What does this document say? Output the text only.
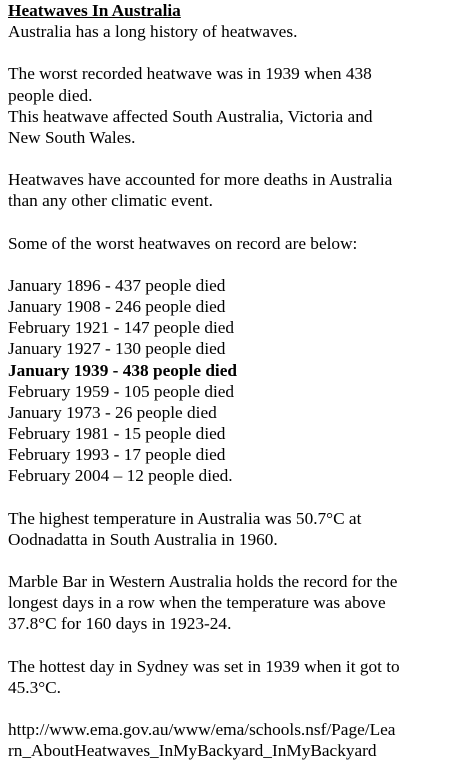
Heatwaves In Australia

Australia has a long history of heatwaves.

The worst recorded heatwave was in 1939 when 438

people died.

This heatwave affected South Australia, Victoria and

New South Wales.

Heatwaves have accounted for more deaths in Australia

than any other climatic event.

Some of the worst heatwaves on record are below:

January 1896 - 437 people died

January 1908 - 246 people died

February 1921 - 147 people died

January 1927 - 130 people died

January 1939 - 438 people died

February 1959 - 105 people died

January 1973 - 26 people died

February 1981 - 15 people died

February 1993 - 17 people died

February 2004 – 12 people died.

The highest temperature in Australia was 50.7°C at

Oodnadatta in South Australia in 1960.

Marble Bar in Western Australia holds the record for the

longest days in a row when the temperature was above

37.8°C for 160 days in 1923-24.

The hottest day in Sydney was set in 1939 when it got to

45.3°C.

http://www.ema.gov.au/www/ema/schools.nsf/Page/Lea

rn_AboutHeatwaves_InMyBackyard_InMyBackyard
